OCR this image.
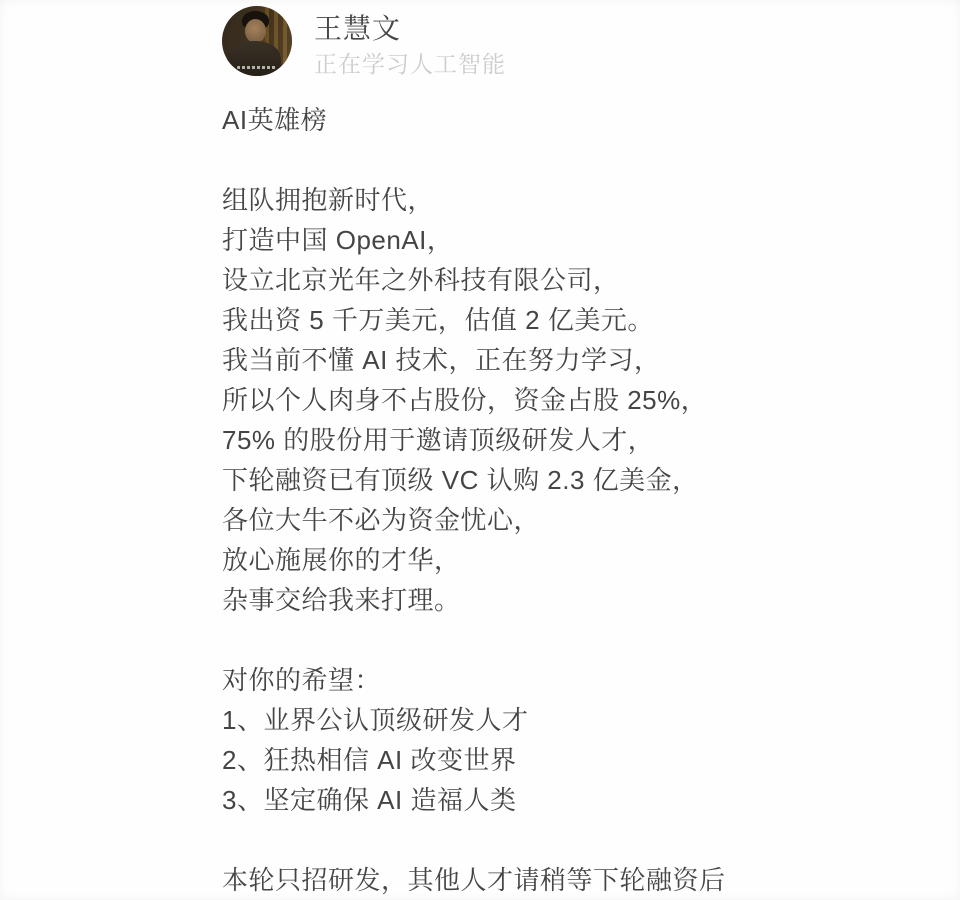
王慧文
正在学习人工智能
AI英雄榜
组队拥抱新时代，
打造中国 OpenAI，
设立北京光年之外科技有限公司，
我出资 5 千万美元，估值 2 亿美元。
我当前不懂 AI 技术，正在努力学习，
所以个人肉身不占股份，资金占股 25%，
75% 的股份用于邀请顶级研发人才，
下轮融资已有顶级 VC 认购 2.3 亿美金，
各位大牛不必为资金忧心，
放心施展你的才华，
杂事交给我来打理。
对你的希望：
1、业界公认顶级研发人才
2、狂热相信 AI 改变世界
3、坚定确保 AI 造福人类
本轮只招研发，其他人才请稍等下轮融资后
